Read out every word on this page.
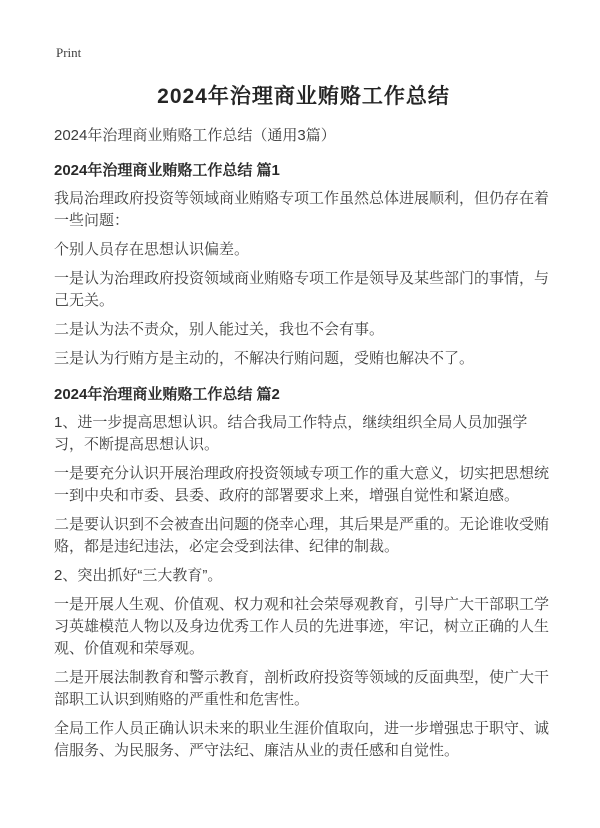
Print
2024年治理商业贿赂工作总结
2024年治理商业贿赂工作总结（通用3篇）
2024年治理商业贿赂工作总结 篇1

我局治理政府投资等领域商业贿赂专项工作虽然总体进展顺利，但仍存在着一些问题：

个别人员存在思想认识偏差。

一是认为治理政府投资领域商业贿赂专项工作是领导及某些部门的事情，与己无关。

二是认为法不责众，别人能过关，我也不会有事。

三是认为行贿方是主动的，不解决行贿问题，受贿也解决不了。

2024年治理商业贿赂工作总结 篇2

1、进一步提高思想认识。结合我局工作特点，继续组织全局人员加强学习，不断提高思想认识。

一是要充分认识开展治理政府投资领域专项工作的重大意义，切实把思想统一到中央和市委、县委、政府的部署要求上来，增强自觉性和紧迫感。

二是要认识到不会被查出问题的侥幸心理，其后果是严重的。无论谁收受贿赂，都是违纪违法，必定会受到法律、纪律的制裁。

2、突出抓好“三大教育”。

一是开展人生观、价值观、权力观和社会荣辱观教育，引导广大干部职工学习英雄模范人物以及身边优秀工作人员的先进事迹，牢记，树立正确的人生观、价值观和荣辱观。

二是开展法制教育和警示教育，剖析政府投资等领域的反面典型，使广大干部职工认识到贿赂的严重性和危害性。

全局工作人员正确认识未来的职业生涯价值取向，进一步增强忠于职守、诚信服务、为民服务、严守法纪、廉洁从业的责任感和自觉性。
